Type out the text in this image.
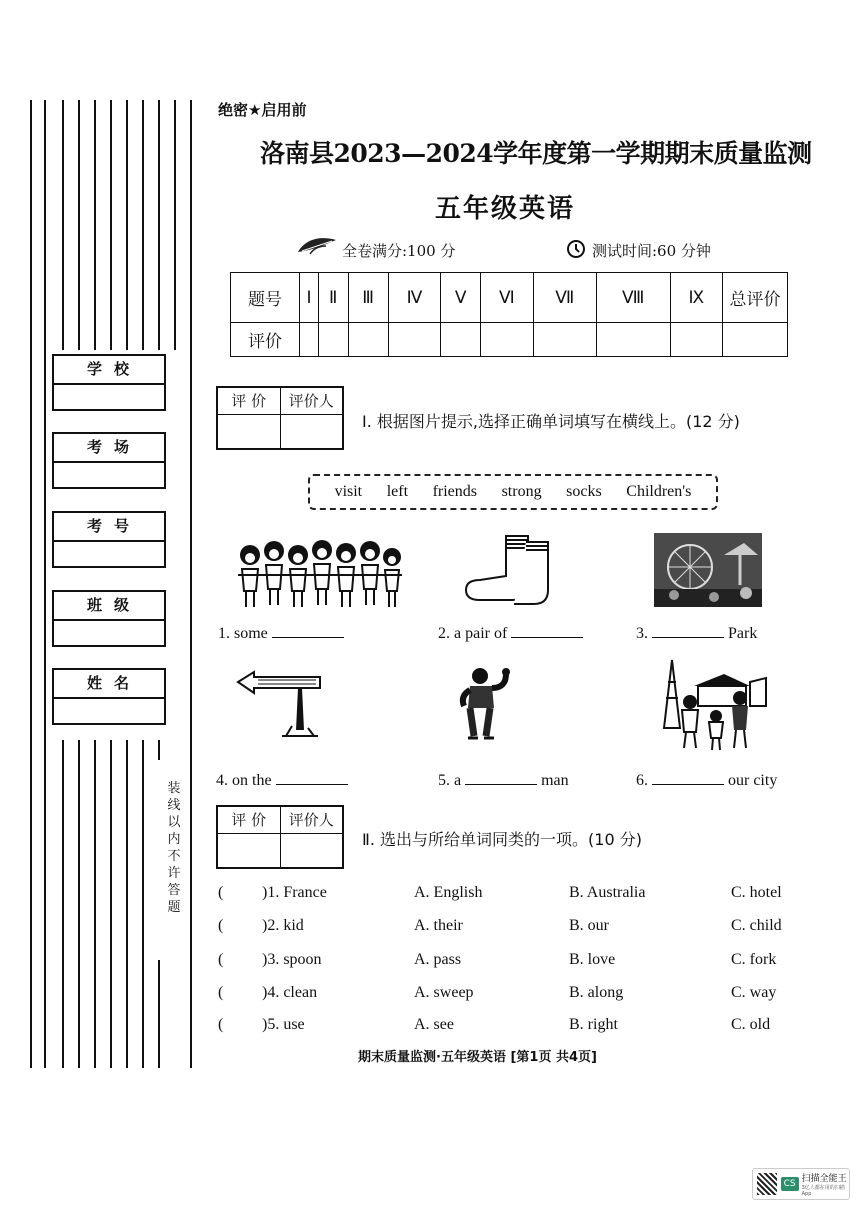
学校
考场
考号
班级
姓名
装线以内不许答题
绝密★启用前
洛南县2023—2024学年度第一学期期末质量监测
五年级英语
全卷满分:100 分	测试时间:60 分钟
题号	Ⅰ	Ⅱ	Ⅲ	Ⅳ	Ⅴ	Ⅵ	Ⅶ	Ⅷ	Ⅸ	总评价
评价										
评 价	评价人
Ⅰ. 根据图片提示,选择正确单词填写在横线上。(12 分)
visit left friends strong socks Children's
1. some	2. a pair of	3.	Park
4. on the	5. a	man	6.	our city
评 价	评价人
Ⅱ. 选出与所给单词同类的一项。(10 分)
( )1. France	A. English	B. Australia	C. hotel
( )2. kid	A. their	B. our	C. child
( )3. spoon	A. pass	B. love	C. fork
( )4. clean	A. sweep	B. along	C. way
( )5. use	A. see	B. right	C. old
期末质量监测·五年级英语 [第1页 共4页]
CS 扫描全能王
3亿人都在用的扫描App
